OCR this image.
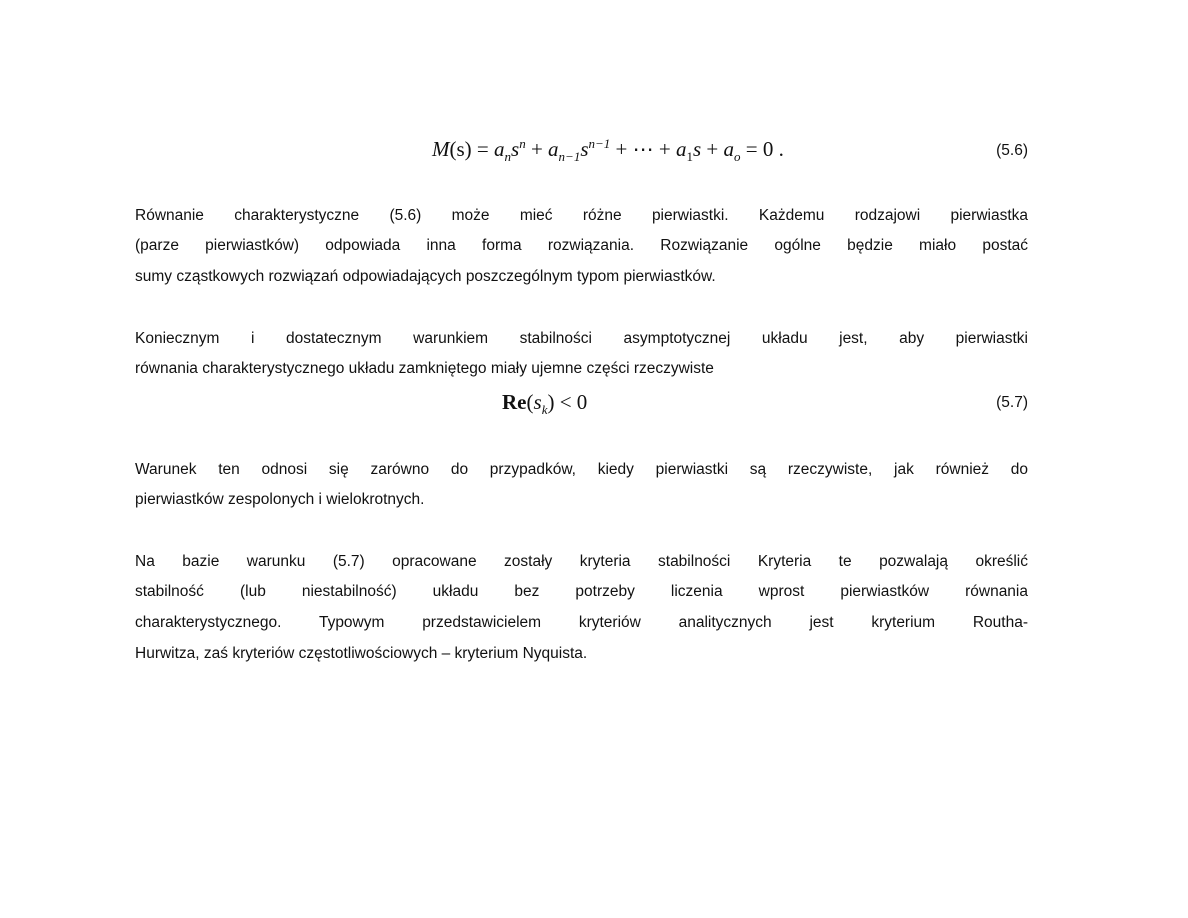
$M(s) = a_ns^n + a_{n-1}s^{n-1}$ + ⋯ + $a_1s + a_o = 0$ .	(5.6)
Równanie charakterystyczne (5.6) może mieć różne pierwiastki. Każdemu rodzajowi pierwiastka
(parze pierwiastków) odpowiada inna forma rozwiązania. Rozwiązanie ogólne będzie miało postać
sumy cząstkowych rozwiązań odpowiadających poszczególnym typom pierwiastków.
Koniecznym i dostatecznym warunkiem stabilności asymptotycznej układu jest, aby pierwiastki
równania charakterystycznego układu zamkniętego miały ujemne części rzeczywiste
$Re(s_k) < 0$	(5.7)
Warunek ten odnosi się zarówno do przypadków, kiedy pierwiastki są rzeczywiste, jak również do
pierwiastków zespolonych i wielokrotnych.
Na bazie warunku (5.7) opracowane zostały kryteria stabilności Kryteria te pozwalają określić
stabilność (lub niestabilność) układu bez potrzeby liczenia wprost pierwiastków równania
charakterystycznego. Typowym przedstawicielem kryteriów analitycznych jest kryterium Routha-
Hurwitza, zaś kryteriów częstotliwościowych – kryterium Nyquista.
